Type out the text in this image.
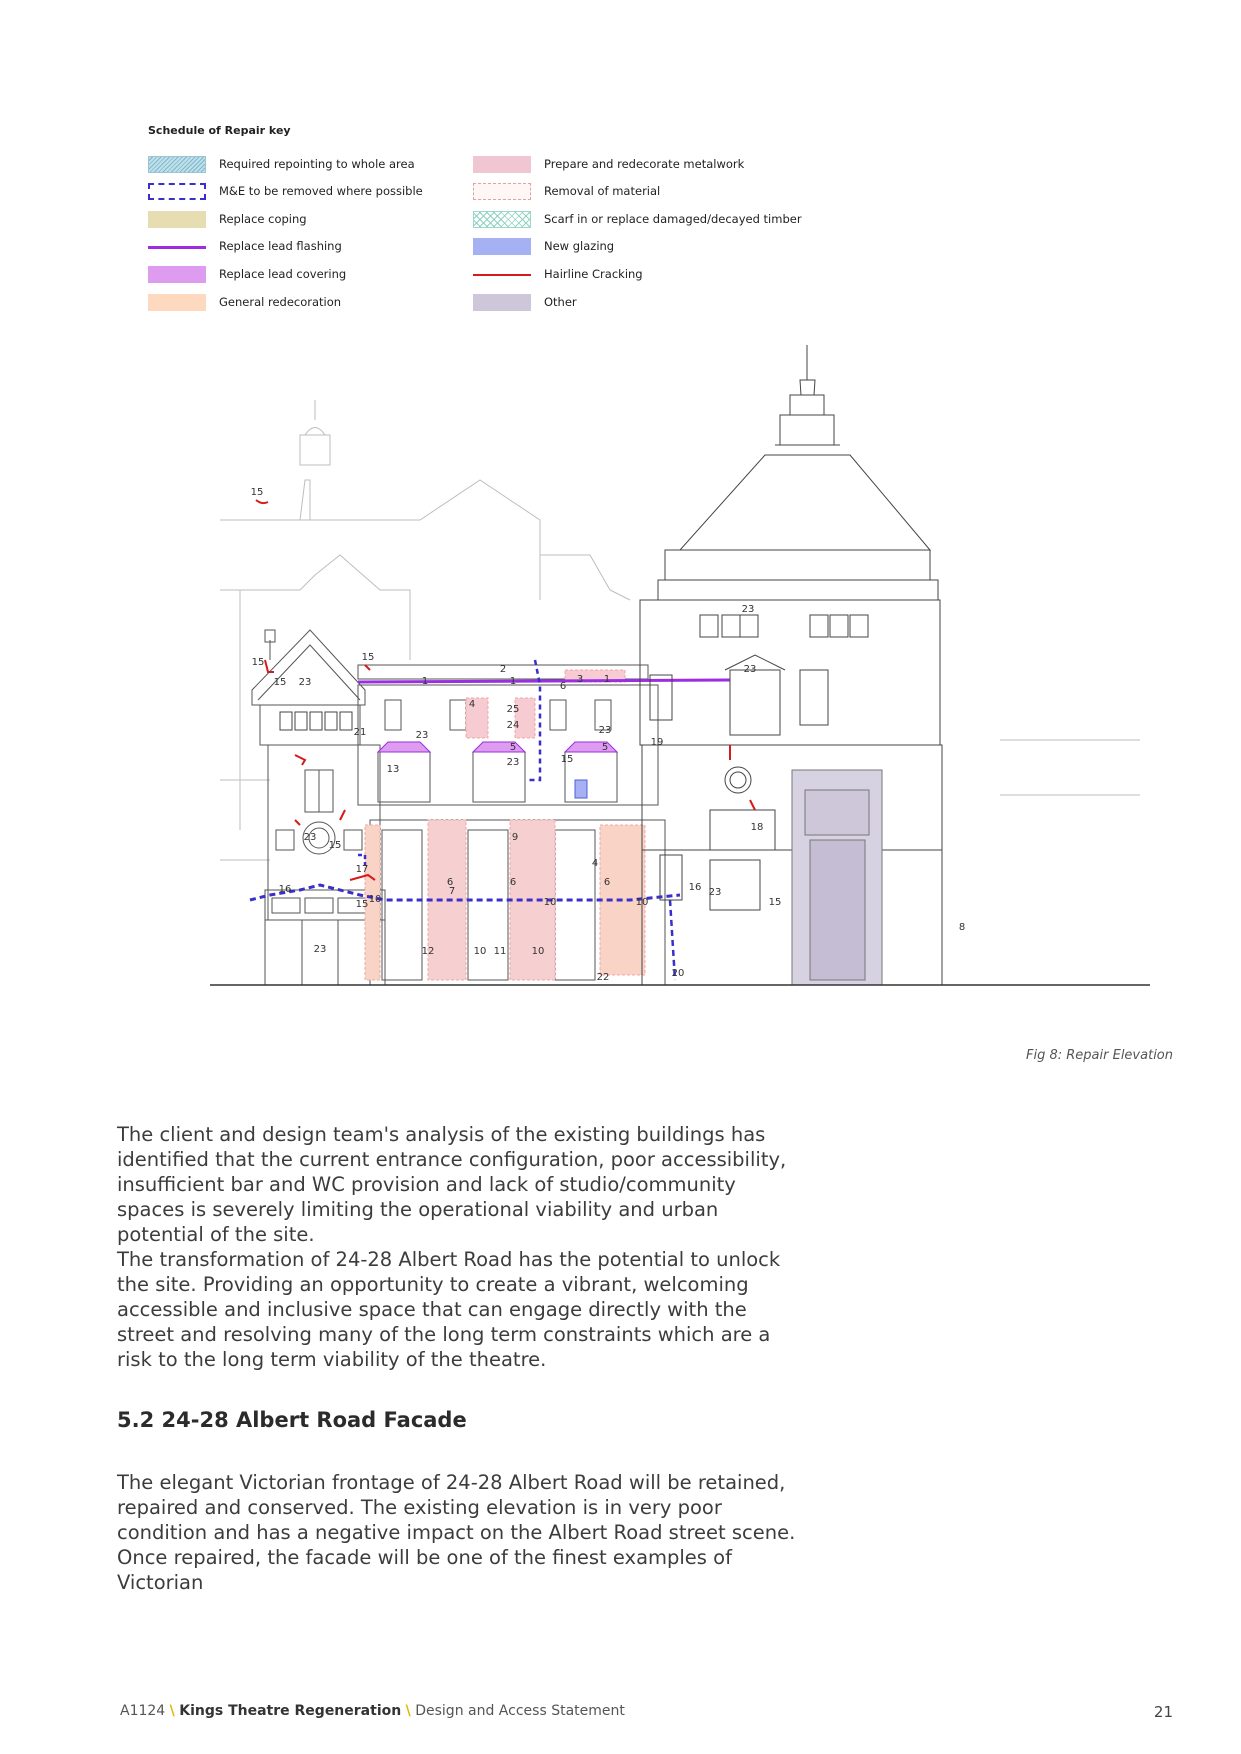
Schedule of Repair key
Required repointing to whole area
M&E to be removed where possible
Replace coping
Replace lead flashing
Replace lead covering
General redecoration
Prepare and redecorate metalwork
Removal of material
Scarf in or replace damaged/decayed timber
New glazing
Hairline Cracking
Other
15
15	15
15 23
21
16
17
15
10
23
23
1
2
1	3 1
4	25
24
5
23
23
5	19
6
9
7
6
4
6
10	10
16 23
18
15
23
23
8
12	10 11	10
22	20
15
23
13
6
15
Fig 8: Repair Elevation

The client and design team's analysis of the existing buildings has identified that the current entrance configuration, poor accessibility, insufficient bar and WC provision and lack of studio/community spaces is severely limiting the operational viability and urban potential of the site.

The transformation of 24-28 Albert Road has the potential to unlock the site. Providing an opportunity to create a vibrant, welcoming accessible and inclusive space that can engage directly with the street and resolving many of the long term constraints which are a risk to the long term viability of the theatre.

5.2 24-28 Albert Road Facade

The elegant Victorian frontage of 24-28 Albert Road will be retained, repaired and conserved. The existing elevation is in very poor condition and has a negative impact on the Albert Road street scene. Once repaired, the facade will be one of the finest examples of Victorian

A1124 \ Kings Theatre Regeneration \ Design and Access Statement	21
